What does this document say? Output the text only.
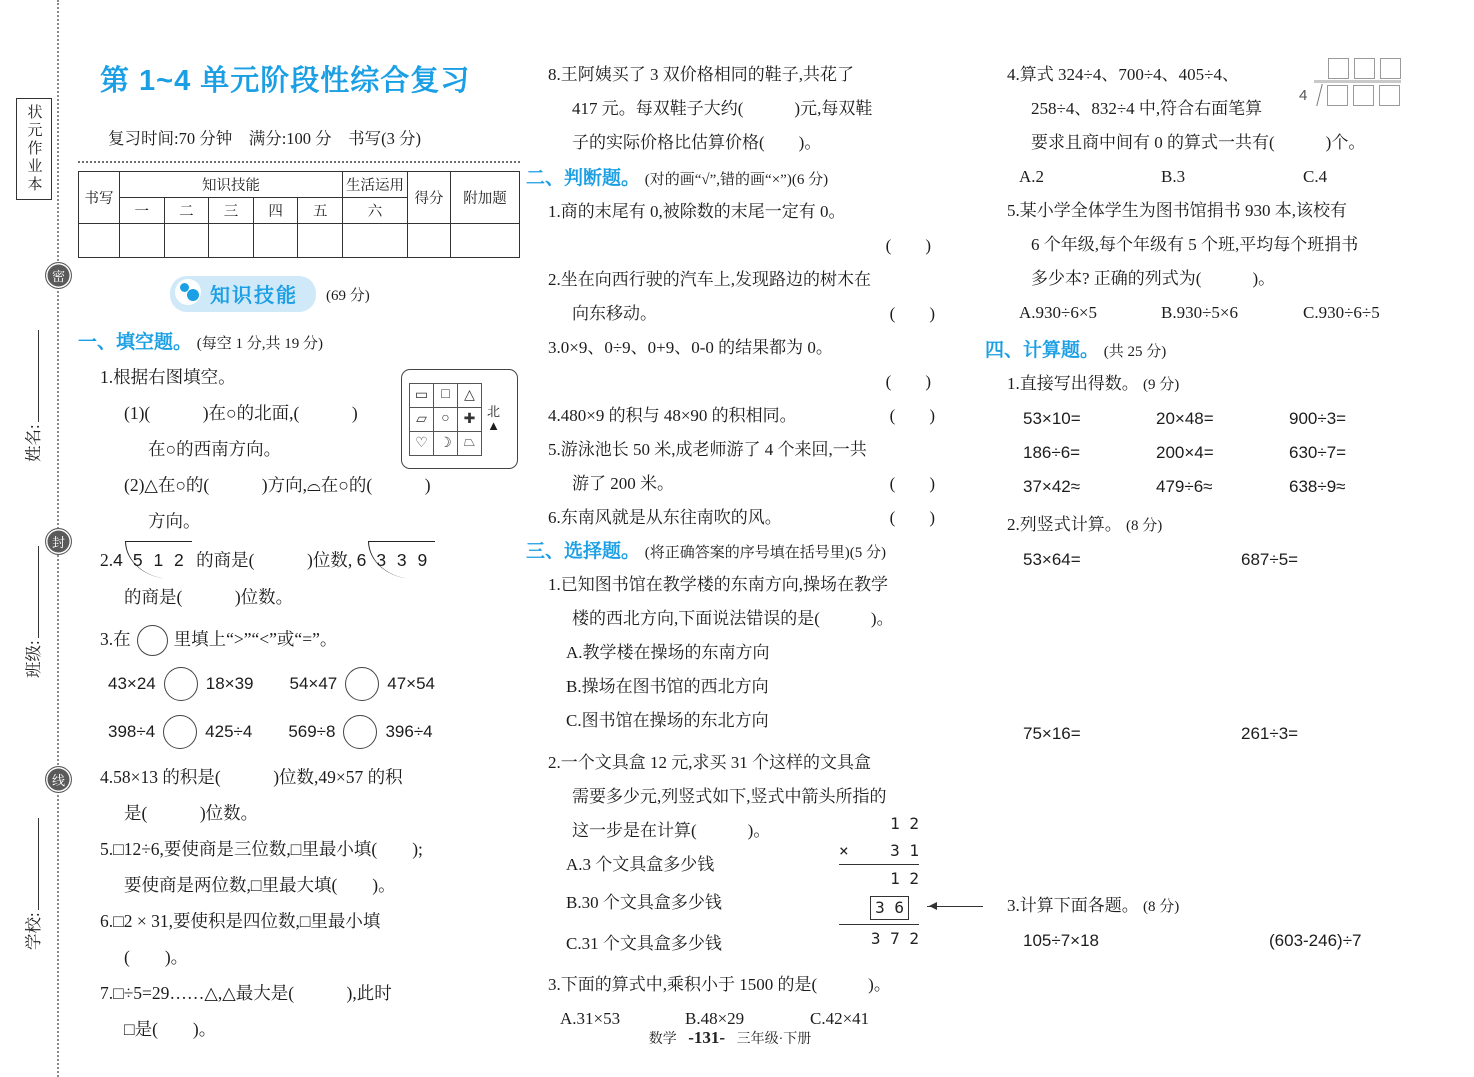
状元作业本
密
封
线
姓名:
班级:
学校:
第 1~4 单元阶段性综合复习
复习时间:70 分钟　满分:100 分　书写(3 分)
书写	知识技能					生活运用	得分	附加题
	一	二	三	四	五	六		

知识技能	(69 分)
一、填空题。 (每空 1 分,共 19 分)
▭	□	△
▱	○	✚
♡	☽	⏢
北
▲
1.根据右图填空。
(1)(　　　)在○的北面,(　　　)
在○的西南方向。
(2)△在○的(　　　)方向,⌓在○的(　　　)
方向。
2.4 5 1 2 的商是(　　　)位数, 6 3 3 9
的商是(　　　)位数。
3.在 里填上“>”“<”或“=”。
43×24	18×39 54×47	47×54
398÷4	425÷4 569÷8	396÷4
4.58×13 的积是(　　　)位数,49×57 的积
是(　　　)位数。
5.□12÷6,要使商是三位数,□里最小填(　　);
要使商是两位数,□里最大填(　　)。
6.□2 × 31,要使积是四位数,□里最小填
(　　)。
7.□÷5=29……△,△最大是(　　　),此时
□是(　　)。
8.王阿姨买了 3 双价格相同的鞋子,共花了
417 元。每双鞋子大约(　　　)元,每双鞋
子的实际价格比估算价格(　　)。
二、判断题。 (对的画“√”,错的画“×”)(6 分)
1.商的末尾有 0,被除数的末尾一定有 0。
(　　)
2.坐在向西行驶的汽车上,发现路边的树木在
向东移动。	(　　)
3.0×9、0÷9、0+9、0-0 的结果都为 0。
(　　)
4.480×9 的积与 48×90 的积相同。	(　　)
5.游泳池长 50 米,成老师游了 4 个来回,一共
游了 200 米。	(　　)
6.东南风就是从东往南吹的风。	(　　)
三、选择题。 (将正确答案的序号填在括号里)(5 分)
1.已知图书馆在教学楼的东南方向,操场在教学
楼的西北方向,下面说法错误的是(　　　)。
A.教学楼在操场的东南方向
B.操场在图书馆的西北方向
C.图书馆在操场的东北方向
2.一个文具盒 12 元,求买 31 个这样的文具盒
需要多少元,列竖式如下,竖式中箭头所指的
这一步是在计算(　　　)。
A.3 个文具盒多少钱
B.30 个文具盒多少钱
C.31 个文具盒多少钱
1 2
×	3 1
1 2
3 6
3 7 2
3.下面的算式中,乘积小于 1500 的是(　　　)。
A.31×53	B.48×29	C.42×41
4
4.算式 324÷4、700÷4、405÷4、
258÷4、832÷4 中,符合右面笔算
要求且商中间有 0 的算式一共有(　　　)个。
A.2	B.3	C.4
5.某小学全体学生为图书馆捐书 930 本,该校有
6 个年级,每个年级有 5 个班,平均每个班捐书
多少本? 正确的列式为(　　　)。
A.930÷6×5	B.930÷5×6	C.930÷6÷5
四、计算题。 (共 25 分)
1.直接写出得数。 (9 分)
53×10=	20×48=	900÷3=
186÷6=	200×4=	630÷7=
37×42≈	479÷6≈	638÷9≈
2.列竖式计算。 (8 分)
53×64=	687÷5=
75×16=	261÷3=
3.计算下面各题。 (8 分)
105÷7×18	(603-246)÷7
数学 -131- 三年级·下册
